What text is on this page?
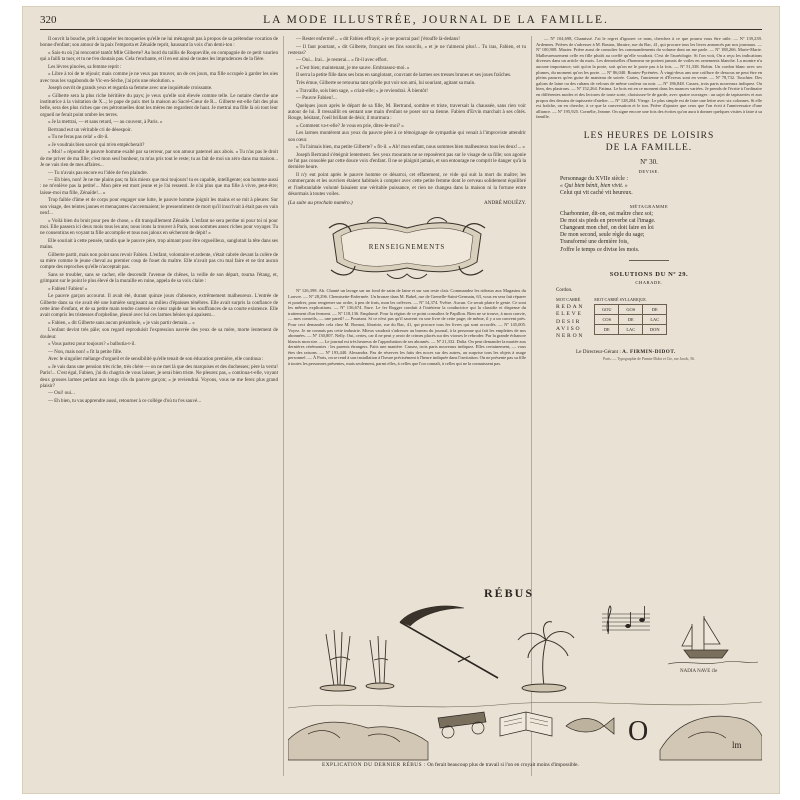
320	LA MODE ILLUSTRÉE, JOURNAL DE LA FAMILLE.

Il ouvrit la bouche, prêt à rappeler les moqueries qu'elle ne lui ménageait pas à propos de sa prétendue vocation de bonne d'enfant; son amour de la paix l'emporta et Zénaïde reprit, haussant la voix d'un demi-ton :

« Sais-tu où j'ai rencontré tantôt Mlle Gilberte? Au bord du taillis de Roqueville, en compagnie de ce petit vaurien qui a failli ta tuer, et tu ne t'en doutais pas. Cela t'enchante, et il en est ainsi de toutes les imprudences de la fière.

Les lèvres pincées, sa femme reprit :

« Libre à toi de te réjouir; mais comme je ne veux pas trouver, un de ces jours, ma fille occupée à garder les oies avec tous les vagabonds de Vic-en-Sèche, j'ai pris une résolution. »

Joseph ouvrit de grands yeux et regarda sa femme avec une inquiétude croissante.

« Gilberte sera la plus riche héritière du pays; je veux qu'elle soit élevée comme telle. Le notaire cherche une institutrice à la visitation de X...; le pape de paix met la maison au Sacré-Cœur de R... Gilberte est-elle fait des plus belle, sera des plus riches que ces pétronnelles dont les mères me regardent de haut. Je mettrai ma fille là où tout leur orgueil ne ferait point ombre les terres.

« Je la mettrai, — et sans retard, — au couvent, à Paris. »

Bertrand eut un véritable cri de désespoir.

« Tu ne feras pas cela! » dit-il.

« Je voudrais bien savoir qui m'en empêcherait?

« Moi! » répondit le pauvre homme exalté par sa terreur, par son amour paternel aux abois. « Tu n'as pas le droit de me priver de ma fille; c'est mon seul bonheur, tu m'as pris tout le reste; tu as fait de moi un zéro dans ma maison... Je ne vais rien de mes affaires...

— Tu n'avais pas encore eu l'idée de t'en plaindre.

— Eh bien, non! Je ne me plains pas; tu fais mieux que moi toujours! tu es capable, intelligente; son homme aussi : ne m'enlève pas la petite!... Mon père est mort jeune et je l'ai ressenti. Je n'ai plus que ma fille à vivre, peut-être; laisse-moi ma fille, Zénaïde!... »

Trop faible d'âme et de corps pour engager une lutte, le pauvre homme joignit les mains et se mit à pleurer. Sur son visage, des teintes jaunes et menaçantes s'accentuaient; le pressentiment de mort qu'il inscrivait à était pas en vain neuf...

« Voilà bien du bruit pour peu de chose, » dit tranquillement Zénaïde. L'enfant ne sera perdue ni pour toi ni pour moi. Elle passera ici deux mois tous les ans; nous irons la trouver à Paris, nous sommes assez riches pour voyager. Tu ne consentiras en voyant ta fille accomplie et tous nos jaloux en sécheront de dépit! »

Elle souriait à cette pensée, tandis que le pauvre père, trop aimant pour être orgueilleux, sanglotait la tête dans ses mains.

Gilberte partit, mais non point sans revoir Fabien. L'enfant, volontaire et ardente, s'était cabrée devant la colère de sa mère comme le jeune cheval au premier coup de fouet du maître. Elle n'avait pas cru mal faire et ne tint aucun compte des reproches qu'elle n'acceptait pas.

Sans se troubler, sans se cacher, elle descendit l'avenue de chênes, la veille de son départ, tourna l'étang, et, grimpant sur le point le plus élevé de la muraille en ruine, appela de sa voix claire :

« Fabien! Fabien! »

Le pauvre garçon accourut. Il avait été, durant quinze jours d'absence, extrêmement malheureux. L'entrée de Gilberte dans sa vie avait été une lumière surgissant au milieu d'épaisses ténèbres. Elle avait surpris la confiance de cette âme d'enfant, et de sa petite main tendre caressé ce cœur rapide sur les souffrances de sa courte existence. Elle avait compris les tristesses d'orpheline, pleuré avec lui ces larmes bénies qui apaisent...

« Fabien, » dit Gilberte sans aucun préambule, « je vais partir demain... »

L'enfant devint très pâle; son regard reproduisit l'expression navrée des yeux de sa mère, morte lentement de douleur.

« Vous partez pour toujours? » balbutia-t-il.

— Non, mais non! » fit la petite fille.

Avec le singulier mélange d'orgueil et de sensibilité qu'elle tenait de son éducation première, elle continua :

« Je vais dans une pension très riche, très chère — on ne met là que des marquises et des duchesses; père la verra! Paris!... C'est égal, Fabien, j'ai du chagrin de vous laisser, je serai bien triste. Ne pleurez pas, » continua-t-elle, voyant deux grosses larmes perlant aux longs cils du pauvre garçon; « je reviendrai. Voyons, vous ne me ferez plus grand plaisir?

— Oui! oui...

— Eh bien, tu vas apprendre aussi, retourner à ce collège d'où tu t'es sauvé...

— Rester enfermé!... » dit Fabien effrayé; « je ne pourrai pas! j'étouffe là-dedans!

— Il faut pourtant, » dit Gilberte, fronçant ses fins sourcils, « et je ne t'aimerai plus!... Tu iras, Fabien, et tu resteras?

— Oui... Irai... je resterai... » fit-il avec effort.

« C'est bien; maintenant, je me sauve. Embrassez-moi. »

Il serra la petite fille dans ses bras en sanglotant, couvrant de larmes ses tresses brunes et ses joues fraîches.

Très émue, Gilberte se retourna tant qu'elle put voir son ami, lui souriant, agitant sa main.

« Travaille, sois bien sage, » criait-elle; « je reviendrai. À bientôt!

— Pauvre Fabien!...

Quelques jours après le départ de sa fille, M. Bertrand, sombre et triste, traversait la chaussée, sans rien voir autour de lui. Il tressaillit en sentant une main d'enfant se poser sur sa tienne. Fabien d'Ervin marchait à ses côtés. Rouge, hésitant, l'oeil brillant de désir, il murmura :

« Comment va-t-elle? Je vous en prie, dites-le-moi? »

Les larmes montèrent aux yeux du pauvre père à ce témoignage de sympathie qui venait à l'improviste attendrir son cœur.

« Tu l'aimais bien, ma petite Gilberte? » fit-il. « Ah! mon enfant, nous sommes bien malheureux tous les deux!... »

Joseph Bertrand s'éteignit lentement. Ses yeux mourants ne se reposèrent pas sur le visage de sa fille; son agonie ne fut pas consolée par cette douce voix d'enfant. Il ne se plaignit jamais, et son entourage ne comprit le danger qu'à la dernière heure.

Il n'y eut point après le pauvre homme ce désarroi, cet effarement, ce vide qui suit la mort du maître; les commerçants et les ouvriers étaient habitués à compter avec cette petite femme dont le cerveau solidement équilibré et l'inébranlable volonté faisaient une véritable puissance, et rien ne changea dans la maison ni la fortune entre désormais à toutes voiles.

(La suite au prochain numéro.)	ANDRÉ MOUËZY.
RENSEIGNEMENTS

Nº 126,398. Ab. Chanté un lavage sur un fond de satin de laine et sur son reste clair. Commandez les rideaux aux Magasins du Louvre. — Nº 28,296. Chemisette-Enfermée. Un bronze dans M. Babel, rue de Grenelle-Saint-Germain, 63, vous en sera fait réparer et poudrer, pour rengrener sur ordre, à peu de frais, mon les orfèvres. — Nº 14,374. Yvêtre. Aucun. Ce serait plaire le genie. Ce sont les mêmes explications. — Nº 136,674. Eure. Le fer Rogger conduit à l'intérieur la conductrice qui la classifie et dispense du traitement d'un ferment. — Nº 118,136. Emplumé. Pour la région de ce point consultez le Papillon. Rien ne se trouve, à mon convie, — mes conseils, — une pareil! — Pourtant. Si ce n'est pas qu'il sauvent vu une livre de cette page; de même, il y a un convent près. Pour ceci demander cela chez M. Bonnot, librairie, rue du Bac, 41, qui procure tous les livres qui sont accordés. — Nº 145,005. Voyez. Je ne connais pas cette industrie. Mieux vaudrait s'adresser au bureau du journal, à la personne qui fait les emplettes de nos abonnées. — Nº 130,807. Nelly. Oui, certes, car il ne peut y avoir de crimes placés sur des viorses le rebroder. Par la grande échancre blancis mon sire. — Le journal est très heureux de l'approbation de ses abonnés. — Nº 21,332. Dalia. On peut demander la mariée aux dernières cérémonies : les parents étrangers. Faits une manière. Cassez, trois parts nouveaux indiquez. Elles certainement, — vous êtes des raisons. — Nº 193,440. Alexandra. Pas de réserves les faits des noces sur des autres, au surprise tous les objets à usage personnel. — À Paris, on se rend à son installation à l'heure précisément à l'heure indiquée dans l'invitation. On ne présente pas sa fille à toutes les personnes présentes, mais seulement, parmi elles, à celles que l'on connaît, à celles qui ne la connaissent pas.

— Nº 104,698, Chamissé. J'ai le regret d'ignorer ce nom, cherchez à ce que pourra vous être utile. — Nº 139,239. Ardennes. Prières de s'adresser à M. Baston, libraire, rue du Bac, 41, qui procure tous les livres annoncés par nos journaux. — Nº 100,908. Mazier. Prière aussi de consulter les commandements du volume dont on me parle. — Nº 188,266. Marie-Marie. Malheureusement celle en fille plutôt au coeffé qu'elle voudrait. C'est de l'auréologie. Si l'on voit, On a reçu les indications diverses dans un article du mois. Les demoiselles d'honneur ne portent jamais de voiles en ornements blanche. La montre n'a aucune importance; soit qu'on la porte, soit qu'on ne le porte pas à la fois. — Nº 51,338. Robin. Un cordon blanc avec ses plumes, du moment qu'on les porte. — Nº 86,040. Routes-Pyrénées. À vingt-deux ans une coiffure de dessous ne peut être en pleins parures qu'en guise de manteau de soirée. Cartes, l'ancienne et d'Évreux sont en vente. — Nº 78,732. Touchier. Des galons de laine ou des rubans de velours de même couleur ou noir. — Nº 186,848. Cassez, trois parts nouveaux indiquez. Ou bien, des plastrons. — Nº 152,264. Fatima. Le bois est en ce moment dans les nuances variées. Je prends de l'écrite à l'ordinaire en différentes modes et des lectures de toute sorte, choisissez-le de garde, avec quatre ouvrages : au sujet de tapisseries et aux propos des dessins de tapisserie d'atelier. — Nº 128,204. Vierge. Le plus simple est de faire une lettre avec six colonnes. Si elle est fraîche, on en cherche, à ce que la conversation et le ton. Prière d'ajouter que ceux que l'on écrit à l'anniversaire d'une alliance. — Nº 195,925. Cornélie, Jeanne. On signe encore une fois des écrites qu'on aura à donner quelques visites à faire à sa famille.

LES HEURES DE LOISIRS
DE LA FAMILLE.
Nº 30.
DEVISE.
Personnage du XVIIe siècle :
« Qui bien bénit, bien vivit. »
Celui qui vit caché vit heureux.
MÉTAGRAMME
Charbonnier, dit-on, est maître chez soi;
De moi sis pieds en proverbe cat l'image.
Changeant mon chef, on doit faire en loi
De mon second, seule règle du sage;
Transformé une dernière fois,
J'offre le temps ce divise les mois.
SOLUTIONS DU Nº 29.
CHARADE.
Cordon.
MOT CARRÉ.
REDAN
ELEVE
DESIR
AVISO
NERON
MOT CARRÉ SYLLABIQUE.
GOU	GOS	DE
COS	DE	LAC
DE	LAC	DON
Le Directeur-Gérant : A. FIRMIN-DIDOT.
Paris. — Typographie de Firmin-Didot et Cie, rue Jacob, 56.
RÉBUS
NADIA NAVE ćle
O	lm
EXPLICATION DU DERNIER RÉBUS : On ferait beaucoup plus de travail si l'on en croyait moins d'impossible.
